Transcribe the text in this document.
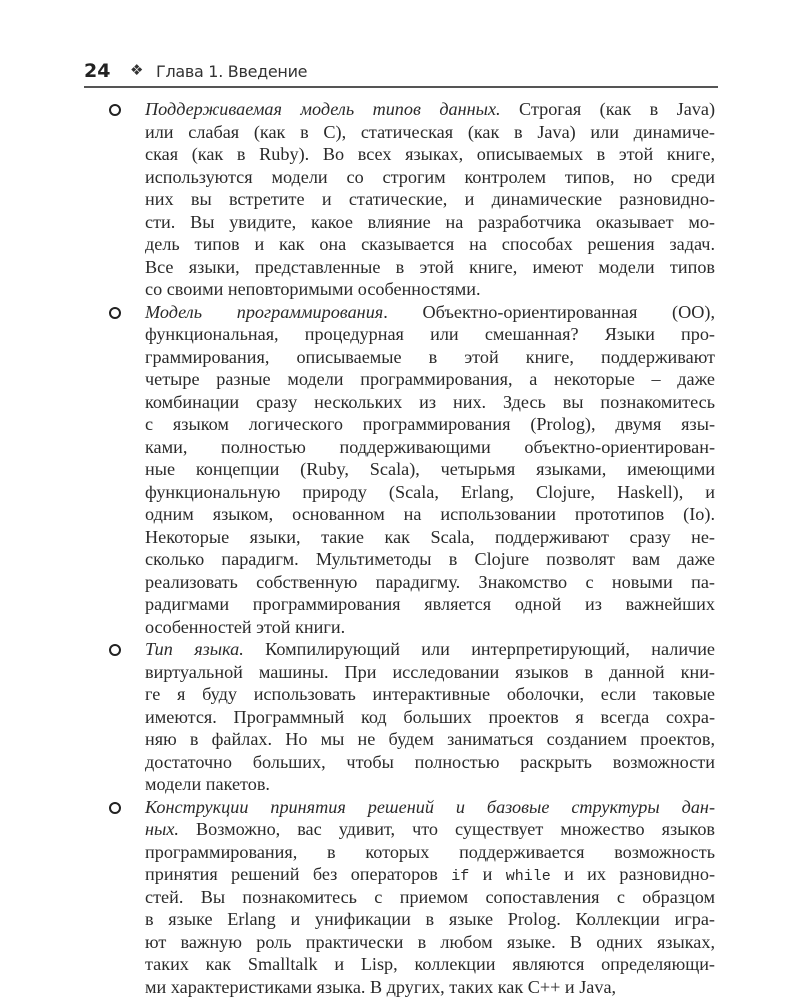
24 ❖ Глава 1. Введение
Поддерживаемая модель типов данных. Строгая (как в Java)
или слабая (как в C), статическая (как в Java) или динамиче-
ская (как в Ruby). Во всех языках, описываемых в этой книге,
используются модели со строгим контролем типов, но среди
них вы встретите и статические, и динамические разновидно-
сти. Вы увидите, какое влияние на разработчика оказывает мо-
дель типов и как она сказывается на способах решения задач.
Все языки, представленные в этой книге, имеют модели типов
со своими неповторимыми особенностями.
Модель программирования. Объектно-ориентированная (ОО),
функциональная, процедурная или смешанная? Языки про-
граммирования, описываемые в этой книге, поддерживают
четыре разные модели программирования, а некоторые – даже
комбинации сразу нескольких из них. Здесь вы познакомитесь
с языком логического программирования (Prolog), двумя язы-
ками, полностью поддерживающими объектно-ориентирован-
ные концепции (Ruby, Scala), четырьмя языками, имеющими
функциональную природу (Scala, Erlang, Clojure, Haskell), и
одним языком, основанном на использовании прототипов (Io).
Некоторые языки, такие как Scala, поддерживают сразу не-
сколько парадигм. Мультиметоды в Clojure позволят вам даже
реализовать собственную парадигму. Знакомство с новыми па-
радигмами программирования является одной из важнейших
особенностей этой книги.
Тип языка. Компилирующий или интерпретирующий, наличие
виртуальной машины. При исследовании языков в данной кни-
ге я буду использовать интерактивные оболочки, если таковые
имеются. Программный код больших проектов я всегда сохра-
няю в файлах. Но мы не будем заниматься созданием проектов,
достаточно больших, чтобы полностью раскрыть возможности
модели пакетов.
Конструкции принятия решений и базовые структуры дан-
ных. Возможно, вас удивит, что существует множество языков
программирования, в которых поддерживается возможность
принятия решений без операторов if и while и их разновидно-
стей. Вы познакомитесь с приемом сопоставления с образцом
в языке Erlang и унификации в языке Prolog. Коллекции игра-
ют важную роль практически в любом языке. В одних языках,
таких как Smalltalk и Lisp, коллекции являются определяющи-
ми характеристиками языка. В других, таких как C++ и Java,
